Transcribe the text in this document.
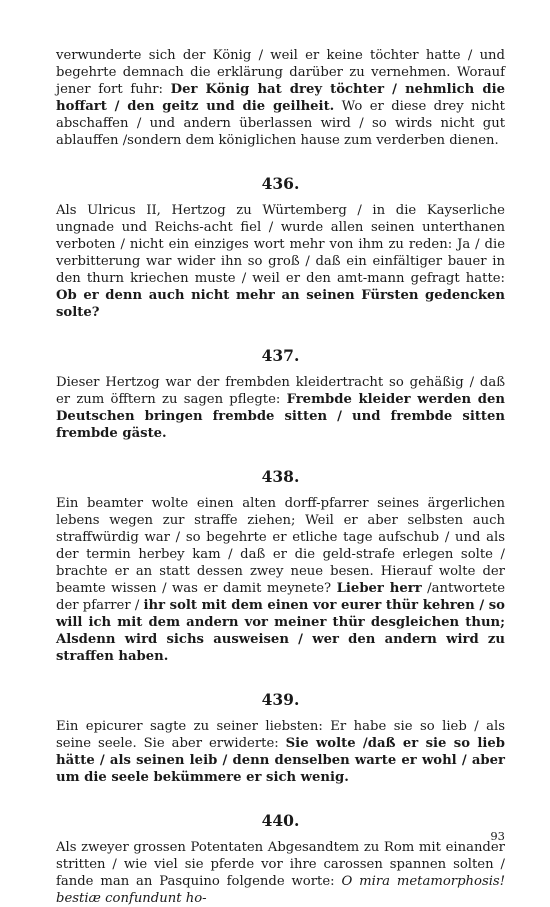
verwunderte sich der König / weil er keine töchter hatte / und begehrte demnach die erklärung darüber zu vernehmen. Worauf jener fort fuhr: Der König hat drey töchter / nehmlich die hoffart / den geitz und die geilheit. Wo er diese drey nicht abschaffen / und andern überlassen wird / so wirds nicht gut ablauffen /sondern dem königlichen hause zum verderben dienen.

436.

Als Ulricus II, Hertzog zu Würtemberg / in die Kayserliche ungnade und Reichs-acht fiel / wurde allen seinen unterthanen verboten / nicht ein einziges wort mehr von ihm zu reden: Ja / die verbitterung war wider ihn so groß / daß ein einfältiger bauer in den thurn kriechen muste / weil er den amt-mann gefragt hatte: Ob er denn auch nicht mehr an seinen Fürsten gedencken solte?

437.

Dieser Hertzog war der frembden kleidertracht so gehäßig / daß er zum öfftern zu sagen pflegte: Frembde kleider werden den Deutschen bringen frembde sitten / und frembde sitten frembde gäste.

438.

Ein beamter wolte einen alten dorff-pfarrer seines ärgerlichen lebens wegen zur straffe ziehen; Weil er aber selbsten auch straffwürdig war / so begehrte er etliche tage aufschub / und als der termin herbey kam / daß er die geld-strafe erlegen solte / brachte er an statt dessen zwey neue besen. Hierauf wolte der beamte wissen / was er damit meynete? Lieber herr /antwortete der pfarrer / ihr solt mit dem einen vor eurer thür kehren / so will ich mit dem andern vor meiner thür desgleichen thun; Alsdenn wird sichs ausweisen / wer den andern wird zu straffen haben.

439.

Ein epicurer sagte zu seiner liebsten: Er habe sie so lieb / als seine seele. Sie aber erwiderte: Sie wolte /daß er sie so lieb hätte / als seinen leib / denn denselben warte er wohl / aber um die seele bekümmere er sich wenig.

440.

Als zweyer grossen Potentaten Abgesandtem zu Rom mit einander stritten / wie viel sie pferde vor ihre carossen spannen solten / fande man an Pasquino folgende worte: O mira metamorphosis! bestiæ confundunt ho-

93
